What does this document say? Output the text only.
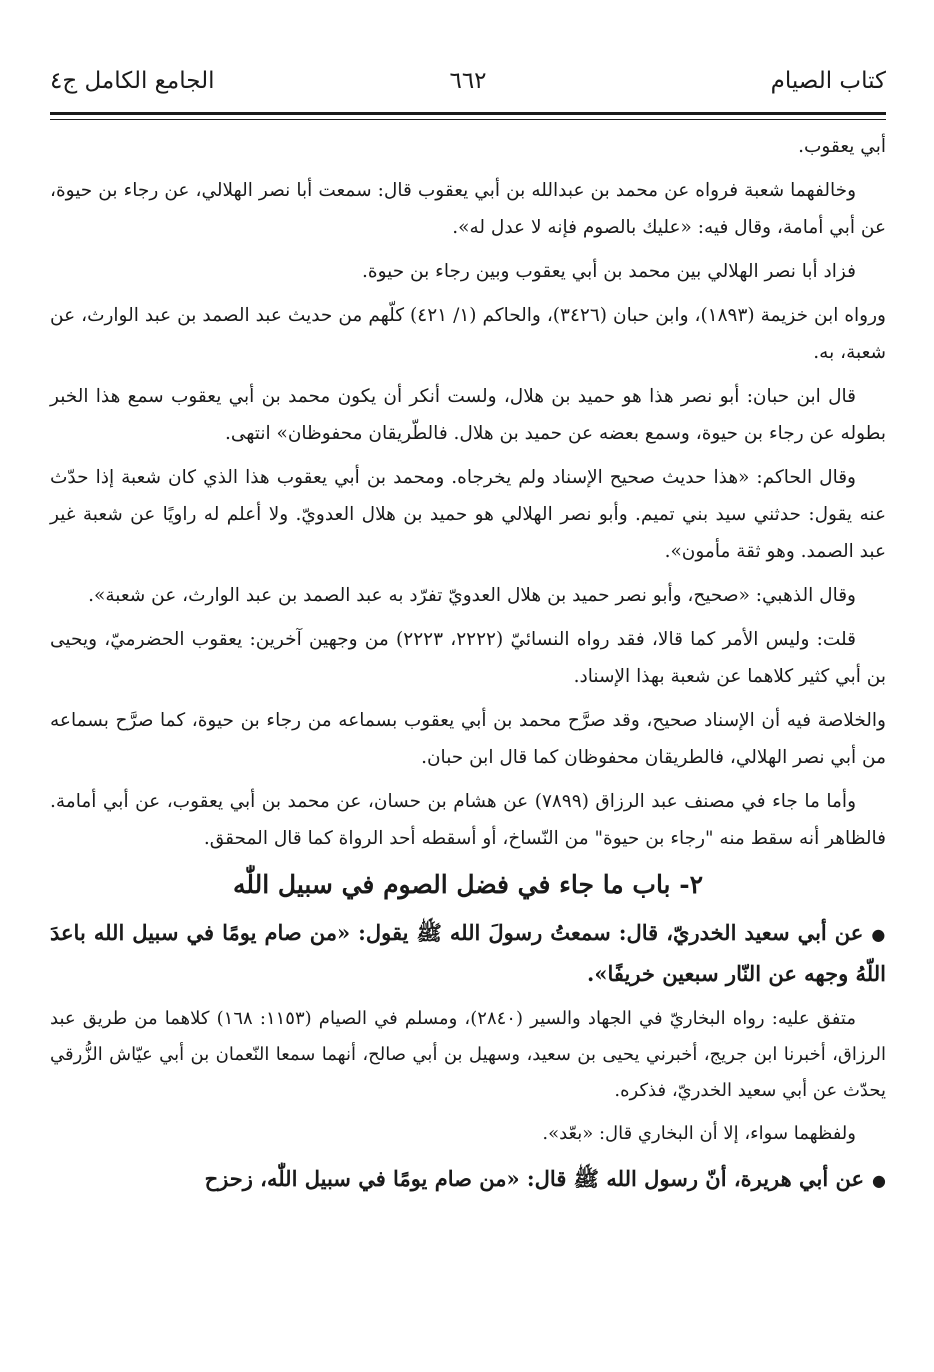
كتاب الصيام
٦٦٢
الجامع الكامل ج٤

أبي يعقوب.

وخالفهما شعبة فرواه عن محمد بن عبدالله بن أبي يعقوب قال: سمعت أبا نصر الهلالي، عن رجاء بن حيوة، عن أبي أمامة، وقال فيه: «عليك بالصوم فإنه لا عدل له».

فزاد أبا نصر الهلالي بين محمد بن أبي يعقوب وبين رجاء بن حيوة.

ورواه ابن خزيمة (١٨٩٣)، وابن حبان (٣٤٢٦)، والحاكم (١/ ٤٢١) كلّهم من حديث عبد الصمد بن عبد الوارث، عن شعبة، به.

قال ابن حبان: أبو نصر هذا هو حميد بن هلال، ولست أنكر أن يكون محمد بن أبي يعقوب سمع هذا الخبر بطوله عن رجاء بن حيوة، وسمع بعضه عن حميد بن هلال. فالطّريقان محفوظان» انتهى.

وقال الحاكم: «هذا حديث صحيح الإسناد ولم يخرجاه. ومحمد بن أبي يعقوب هذا الذي كان شعبة إذا حدّث عنه يقول: حدثني سيد بني تميم. وأبو نصر الهلالي هو حميد بن هلال العدويّ. ولا أعلم له راويًا عن شعبة غير عبد الصمد. وهو ثقة مأمون».

وقال الذهبي: «صحيح، وأبو نصر حميد بن هلال العدويّ تفرّد به عبد الصمد بن عبد الوارث، عن شعبة».

قلت: وليس الأمر كما قالا، فقد رواه النسائيّ (٢٢٢٢، ٢٢٢٣) من وجهين آخرين: يعقوب الحضرميّ، ويحيى بن أبي كثير كلاهما عن شعبة بهذا الإسناد.

والخلاصة فيه أن الإسناد صحيح، وقد صرَّح محمد بن أبي يعقوب بسماعه من رجاء بن حيوة، كما صرَّح بسماعه من أبي نصر الهلالي، فالطريقان محفوظان كما قال ابن حبان.

وأما ما جاء في مصنف عبد الرزاق (٧٨٩٩) عن هشام بن حسان، عن محمد بن أبي يعقوب، عن أبي أمامة. فالظاهر أنه سقط منه "رجاء بن حيوة" من النّساخ، أو أسقطه أحد الرواة كما قال المحقق.

٢- باب ما جاء في فضل الصوم في سبيل اللّٰه

●عن أبي سعيد الخدريّ، قال: سمعتُ رسولَ الله ﷺ يقول: «من صام يومًا في سبيل الله باعدَ اللّهُ وجهه عن النّار سبعين خريفًا».

متفق عليه: رواه البخاريّ في الجهاد والسير (٢٨٤٠)، ومسلم في الصيام (١١٥٣: ١٦٨) كلاهما من طريق عبد الرزاق، أخبرنا ابن جريج، أخبرني يحيى بن سعيد، وسهيل بن أبي صالح، أنهما سمعا النّعمان بن أبي عيّاش الزُّرقي يحدّث عن أبي سعيد الخدريّ، فذكره.

ولفظهما سواء، إلا أن البخاري قال: «بعّد».

●عن أبي هريرة، أنّ رسول الله ﷺ قال: «من صام يومًا في سبيل اللّٰه، زحزح
